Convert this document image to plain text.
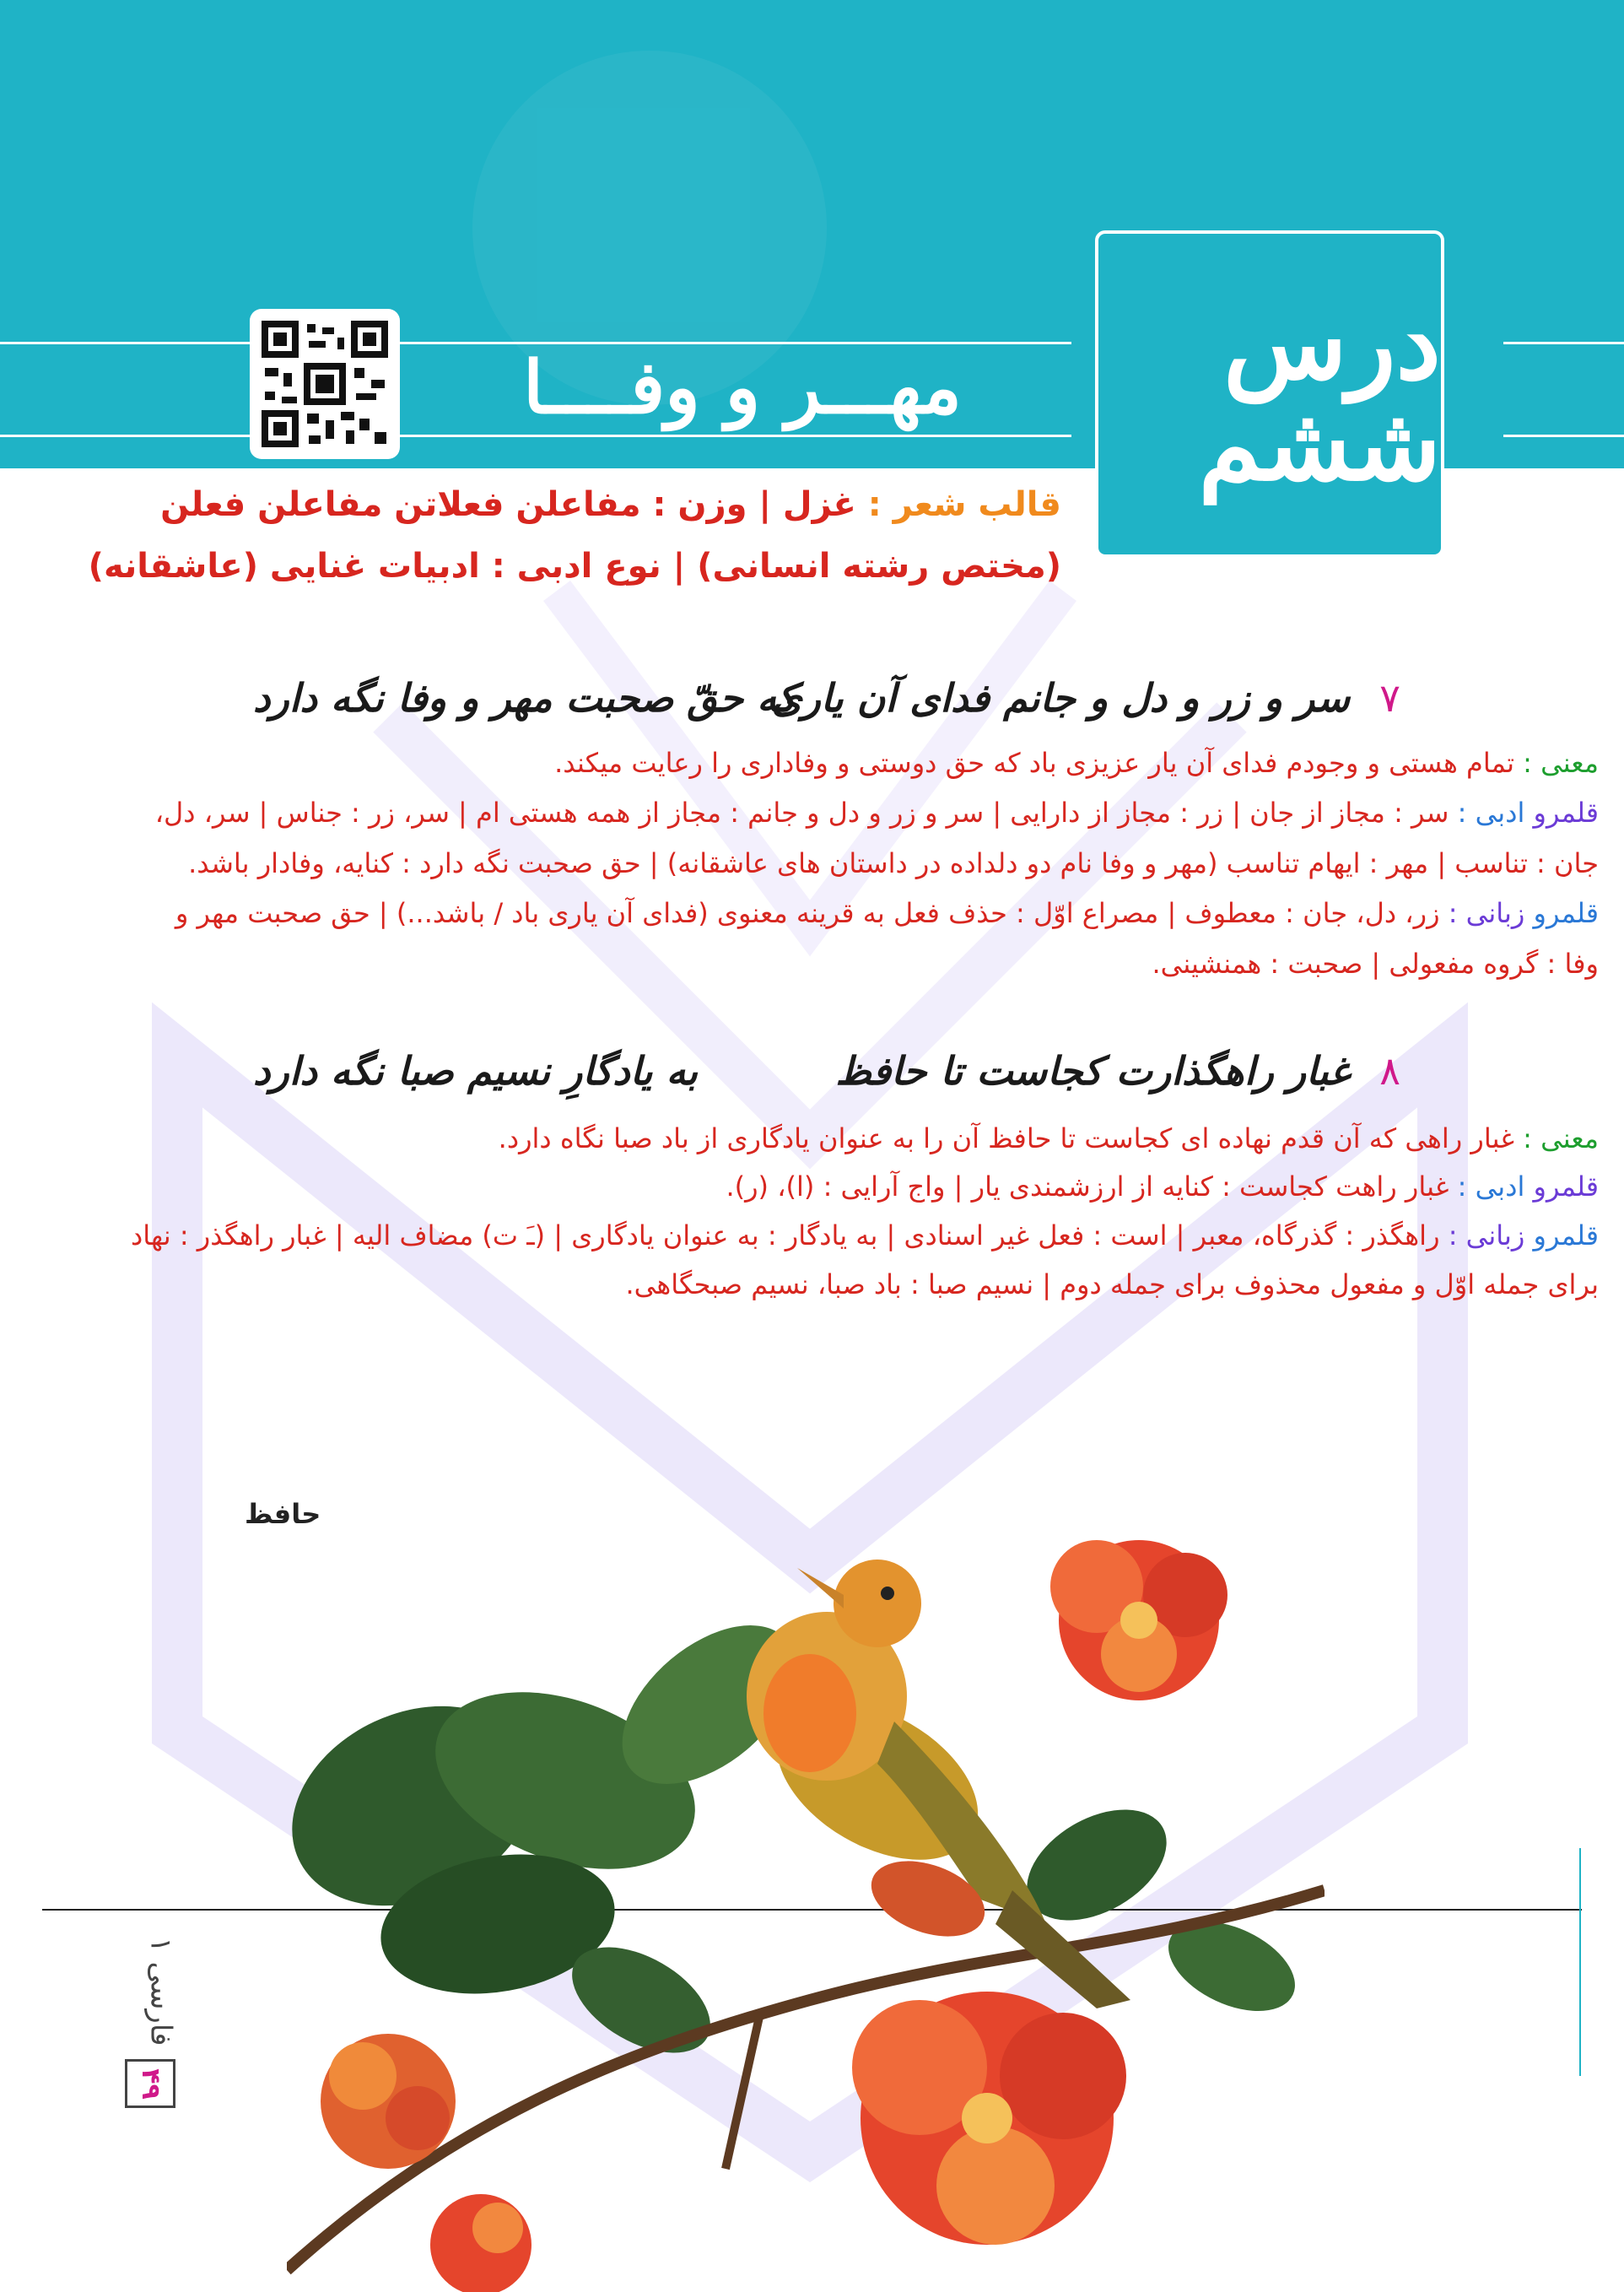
درس ششم
مهـــر و وفــــا
قالب شعر : غزل | وزن : مفاعلن فعلاتن مفاعلن فعلن
(مختص رشته انسانی) | نوع ادبی : ادبیات غنایی (عاشقانه)
۷
سر و زر و دل و جانم فدای آن یاری
که حقّ صحبت مهر و وفا نگه دارد
معنی : تمام هستی و وجودم فدای آن یار عزیزی باد که حق دوستی و وفاداری را رعایت میکند.
قلمرو ادبی : سر : مجاز از جان | زر : مجاز از دارایی | سر و زر و دل و جانم : مجاز از همه هستی ام | سر، زر : جناس | سر، دل،
جان : تناسب | مهر : ایهام تناسب (مهر و وفا نام دو دلداده در داستان های عاشقانه) | حق صحبت نگه دارد : کنایه، وفادار باشد.
قلمرو زبانی : زر، دل، جان : معطوف | مصراع اوّل : حذف فعل به قرینه معنوی (فدای آن یاری باد / باشد...) | حق صحبت مهر و
وفا : گروه مفعولی | صحبت : همنشینی.
۸
غبار راهگذارت کجاست تا حافظ
به یادگارِ نسیم صبا نگه دارد
معنی : غبار راهی که آن قدم نهاده ای کجاست تا حافظ آن را به عنوان یادگاری از باد صبا نگاه دارد.
قلمرو ادبی : غبار راهت کجاست : کنایه از ارزشمندی یار | واج آرایی : (ا)، (ر).
قلمرو زبانی : راهگذر : گذرگاه، معبر | است : فعل غیر اسنادی | به یادگار : به عنوان یادگاری | (ـَ ت) مضاف الیه | غبار راهگذر : نهاد
برای جمله اوّل و مفعول محذوف برای جمله دوم | نسیم صبا : باد صبا، نسیم صبحگاهی.
حافظ
فارسی ۱
۴۹
